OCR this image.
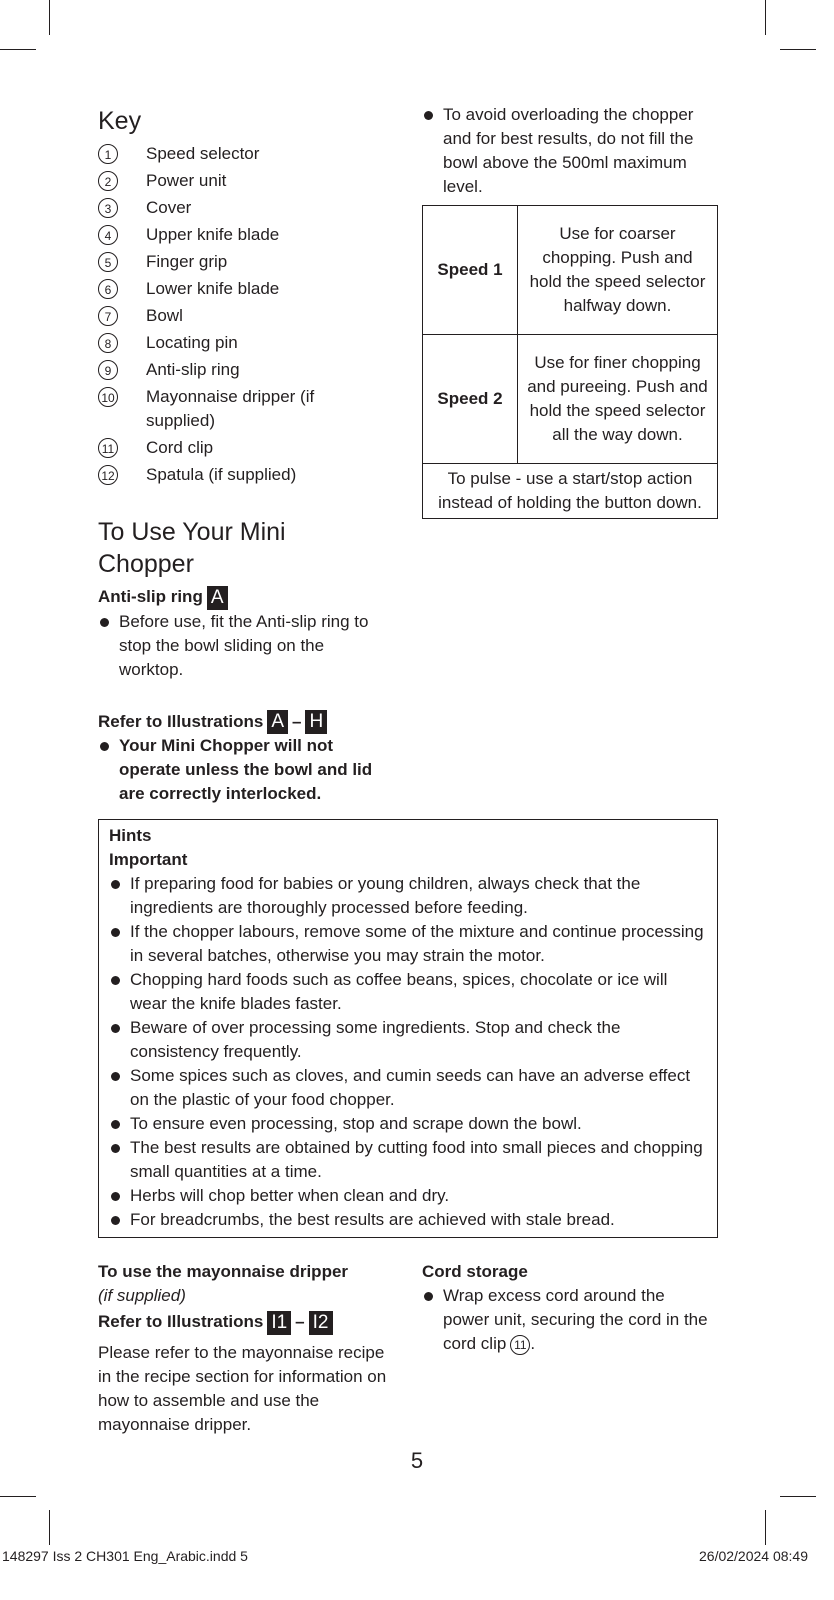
Key
1	Speed selector
2	Power unit
3	Cover
4	Upper knife blade
5	Finger grip
6	Lower knife blade
7	Bowl
8	Locating pin
9	Anti-slip ring
10 Mayonnaise dripper (if supplied)
11 Cord clip
12 Spatula (if supplied)
To Use Your Mini Chopper
Anti-slip ring A
Before use, fit the Anti-slip ring to stop the bowl sliding on the worktop.
Refer to Illustrations A – H
Your Mini Chopper will not operate unless the bowl and lid are correctly interlocked.
To avoid overloading the chopper and for best results, do not fill the bowl above the 500ml maximum level.
Speed 1	Use for coarser chopping. Push and hold the speed selector halfway down.
Speed 2	Use for finer chopping and pureeing. Push and hold the speed selector all the way down.
To pulse - use a start/stop action instead of holding the button down.	
Hints
Important
If preparing food for babies or young children, always check that the ingredients are thoroughly processed before feeding.
If the chopper labours, remove some of the mixture and continue processing in several batches, otherwise you may strain the motor.
Chopping hard foods such as coffee beans, spices, chocolate or ice will wear the knife blades faster.
Beware of over processing some ingredients. Stop and check the consistency frequently.
Some spices such as cloves, and cumin seeds can have an adverse effect on the plastic of your food chopper.
To ensure even processing, stop and scrape down the bowl.
The best results are obtained by cutting food into small pieces and chopping small quantities at a time.
Herbs will chop better when clean and dry.
For breadcrumbs, the best results are achieved with stale bread.
To use the mayonnaise dripper
(if supplied)
Refer to Illustrations I1 – I2

Please refer to the mayonnaise recipe in the recipe section for information on how to assemble and use the mayonnaise dripper.

Cord storage
Wrap excess cord around the power unit, securing the cord in the cord clip 11 .
5
148297 Iss 2 CH301 Eng_Arabic.indd 5	26/02/2024 08:49
